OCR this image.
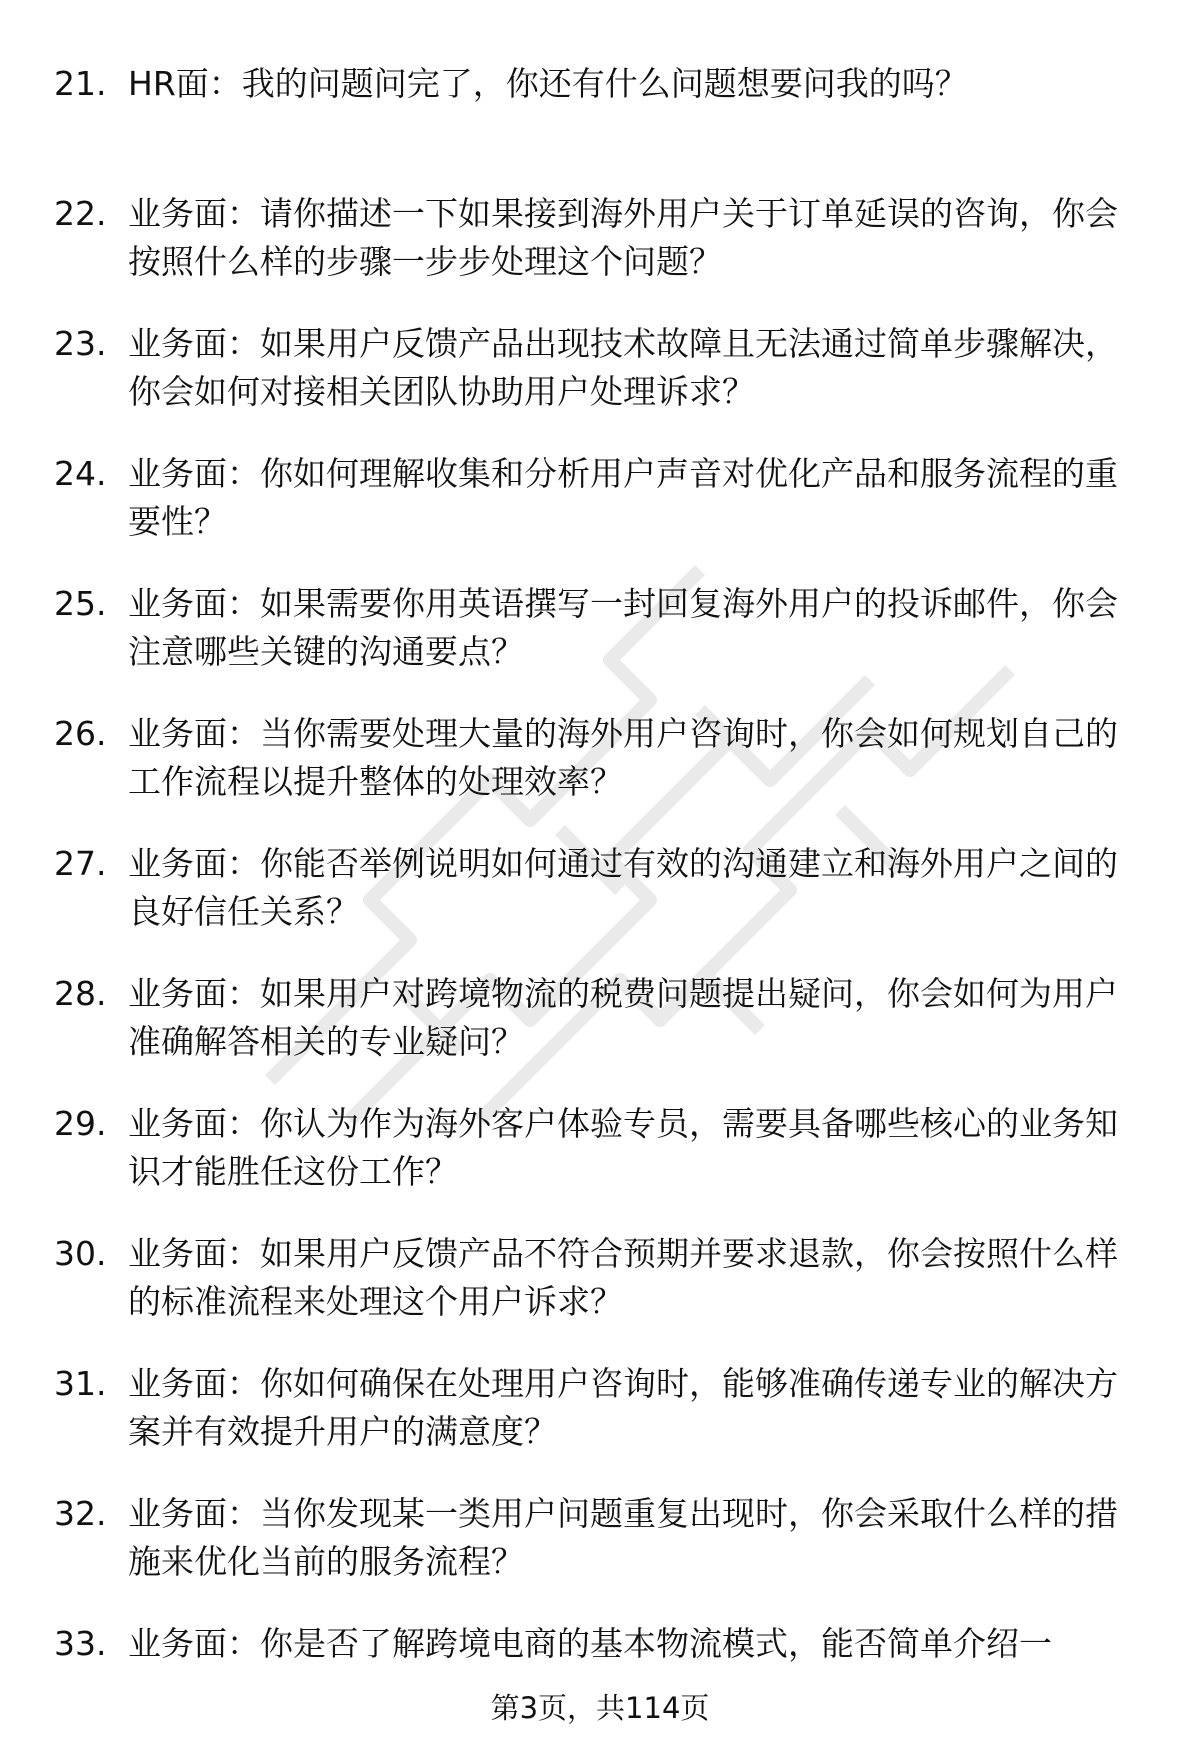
21. HR面：我的问题问完了，你还有什么问题想要问我的吗？
22. 业务面：请你描述一下如果接到海外用户关于订单延误的咨询，你会按照什么样的步骤一步步处理这个问题？
23. 业务面：如果用户反馈产品出现技术故障且无法通过简单步骤解决，你会如何对接相关团队协助用户处理诉求？
24. 业务面：你如何理解收集和分析用户声音对优化产品和服务流程的重要性？
25. 业务面：如果需要你用英语撰写一封回复海外用户的投诉邮件，你会注意哪些关键的沟通要点？
26. 业务面：当你需要处理大量的海外用户咨询时，你会如何规划自己的工作流程以提升整体的处理效率？
27. 业务面：你能否举例说明如何通过有效的沟通建立和海外用户之间的良好信任关系？
28. 业务面：如果用户对跨境物流的税费问题提出疑问，你会如何为用户准确解答相关的专业疑问？
29. 业务面：你认为作为海外客户体验专员，需要具备哪些核心的业务知识才能胜任这份工作？
30. 业务面：如果用户反馈产品不符合预期并要求退款，你会按照什么样的标准流程来处理这个用户诉求？
31. 业务面：你如何确保在处理用户咨询时，能够准确传递专业的解决方案并有效提升用户的满意度？
32. 业务面：当你发现某一类用户问题重复出现时，你会采取什么样的措施来优化当前的服务流程？
33. 业务面：你是否了解跨境电商的基本物流模式，能否简单介绍一
第3页，共114页
